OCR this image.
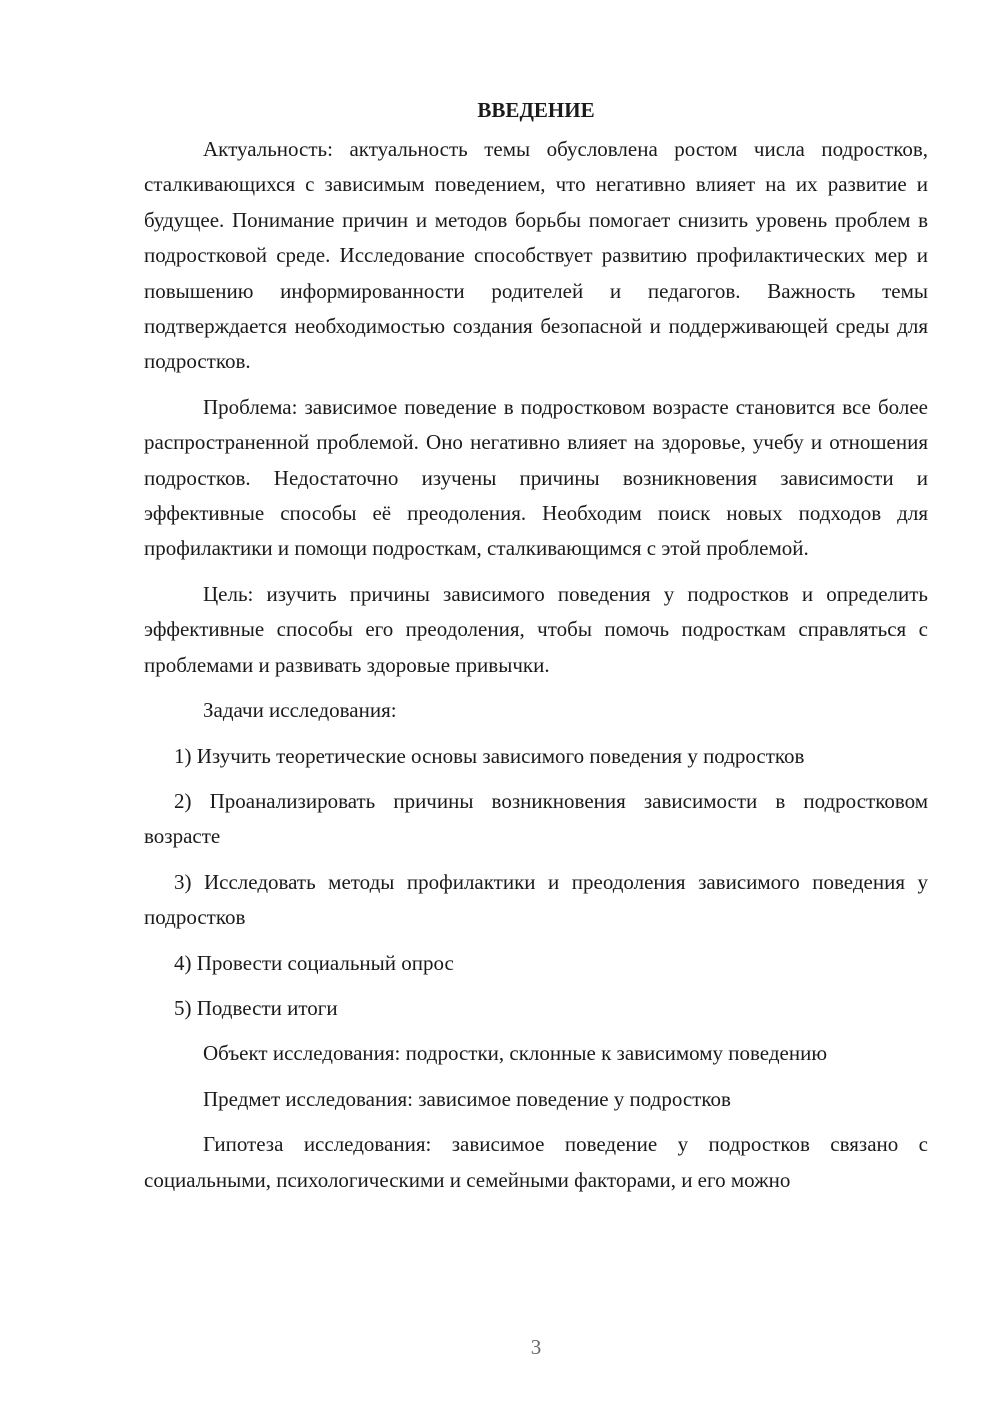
ВВЕДЕНИЕ

Актуальность: актуальность темы обусловлена ростом числа подростков, сталкивающихся с зависимым поведением, что негативно влияет на их развитие и будущее. Понимание причин и методов борьбы помогает снизить уровень проблем в подростковой среде. Исследование способствует развитию профилактических мер и повышению информированности родителей и педагогов. Важность темы подтверждается необходимостью создания безопасной и поддерживающей среды для подростков.

Проблема: зависимое поведение в подростковом возрасте становится все более распространенной проблемой. Оно негативно влияет на здоровье, учебу и отношения подростков. Недостаточно изучены причины возникновения зависимости и эффективные способы её преодоления. Необходим поиск новых подходов для профилактики и помощи подросткам, сталкивающимся с этой проблемой.

Цель: изучить причины зависимого поведения у подростков и определить эффективные способы его преодоления, чтобы помочь подросткам справляться с проблемами и развивать здоровые привычки.

Задачи исследования:

1) Изучить теоретические основы зависимого поведения у подростков

2) Проанализировать причины возникновения зависимости в подростковом возрасте

3) Исследовать методы профилактики и преодоления зависимого поведения у подростков

4) Провести социальный опрос

5) Подвести итоги

Объект исследования: подростки, склонные к зависимому поведению

Предмет исследования: зависимое поведение у подростков

Гипотеза исследования: зависимое поведение у подростков связано с социальными, психологическими и семейными факторами, и его можно

3
